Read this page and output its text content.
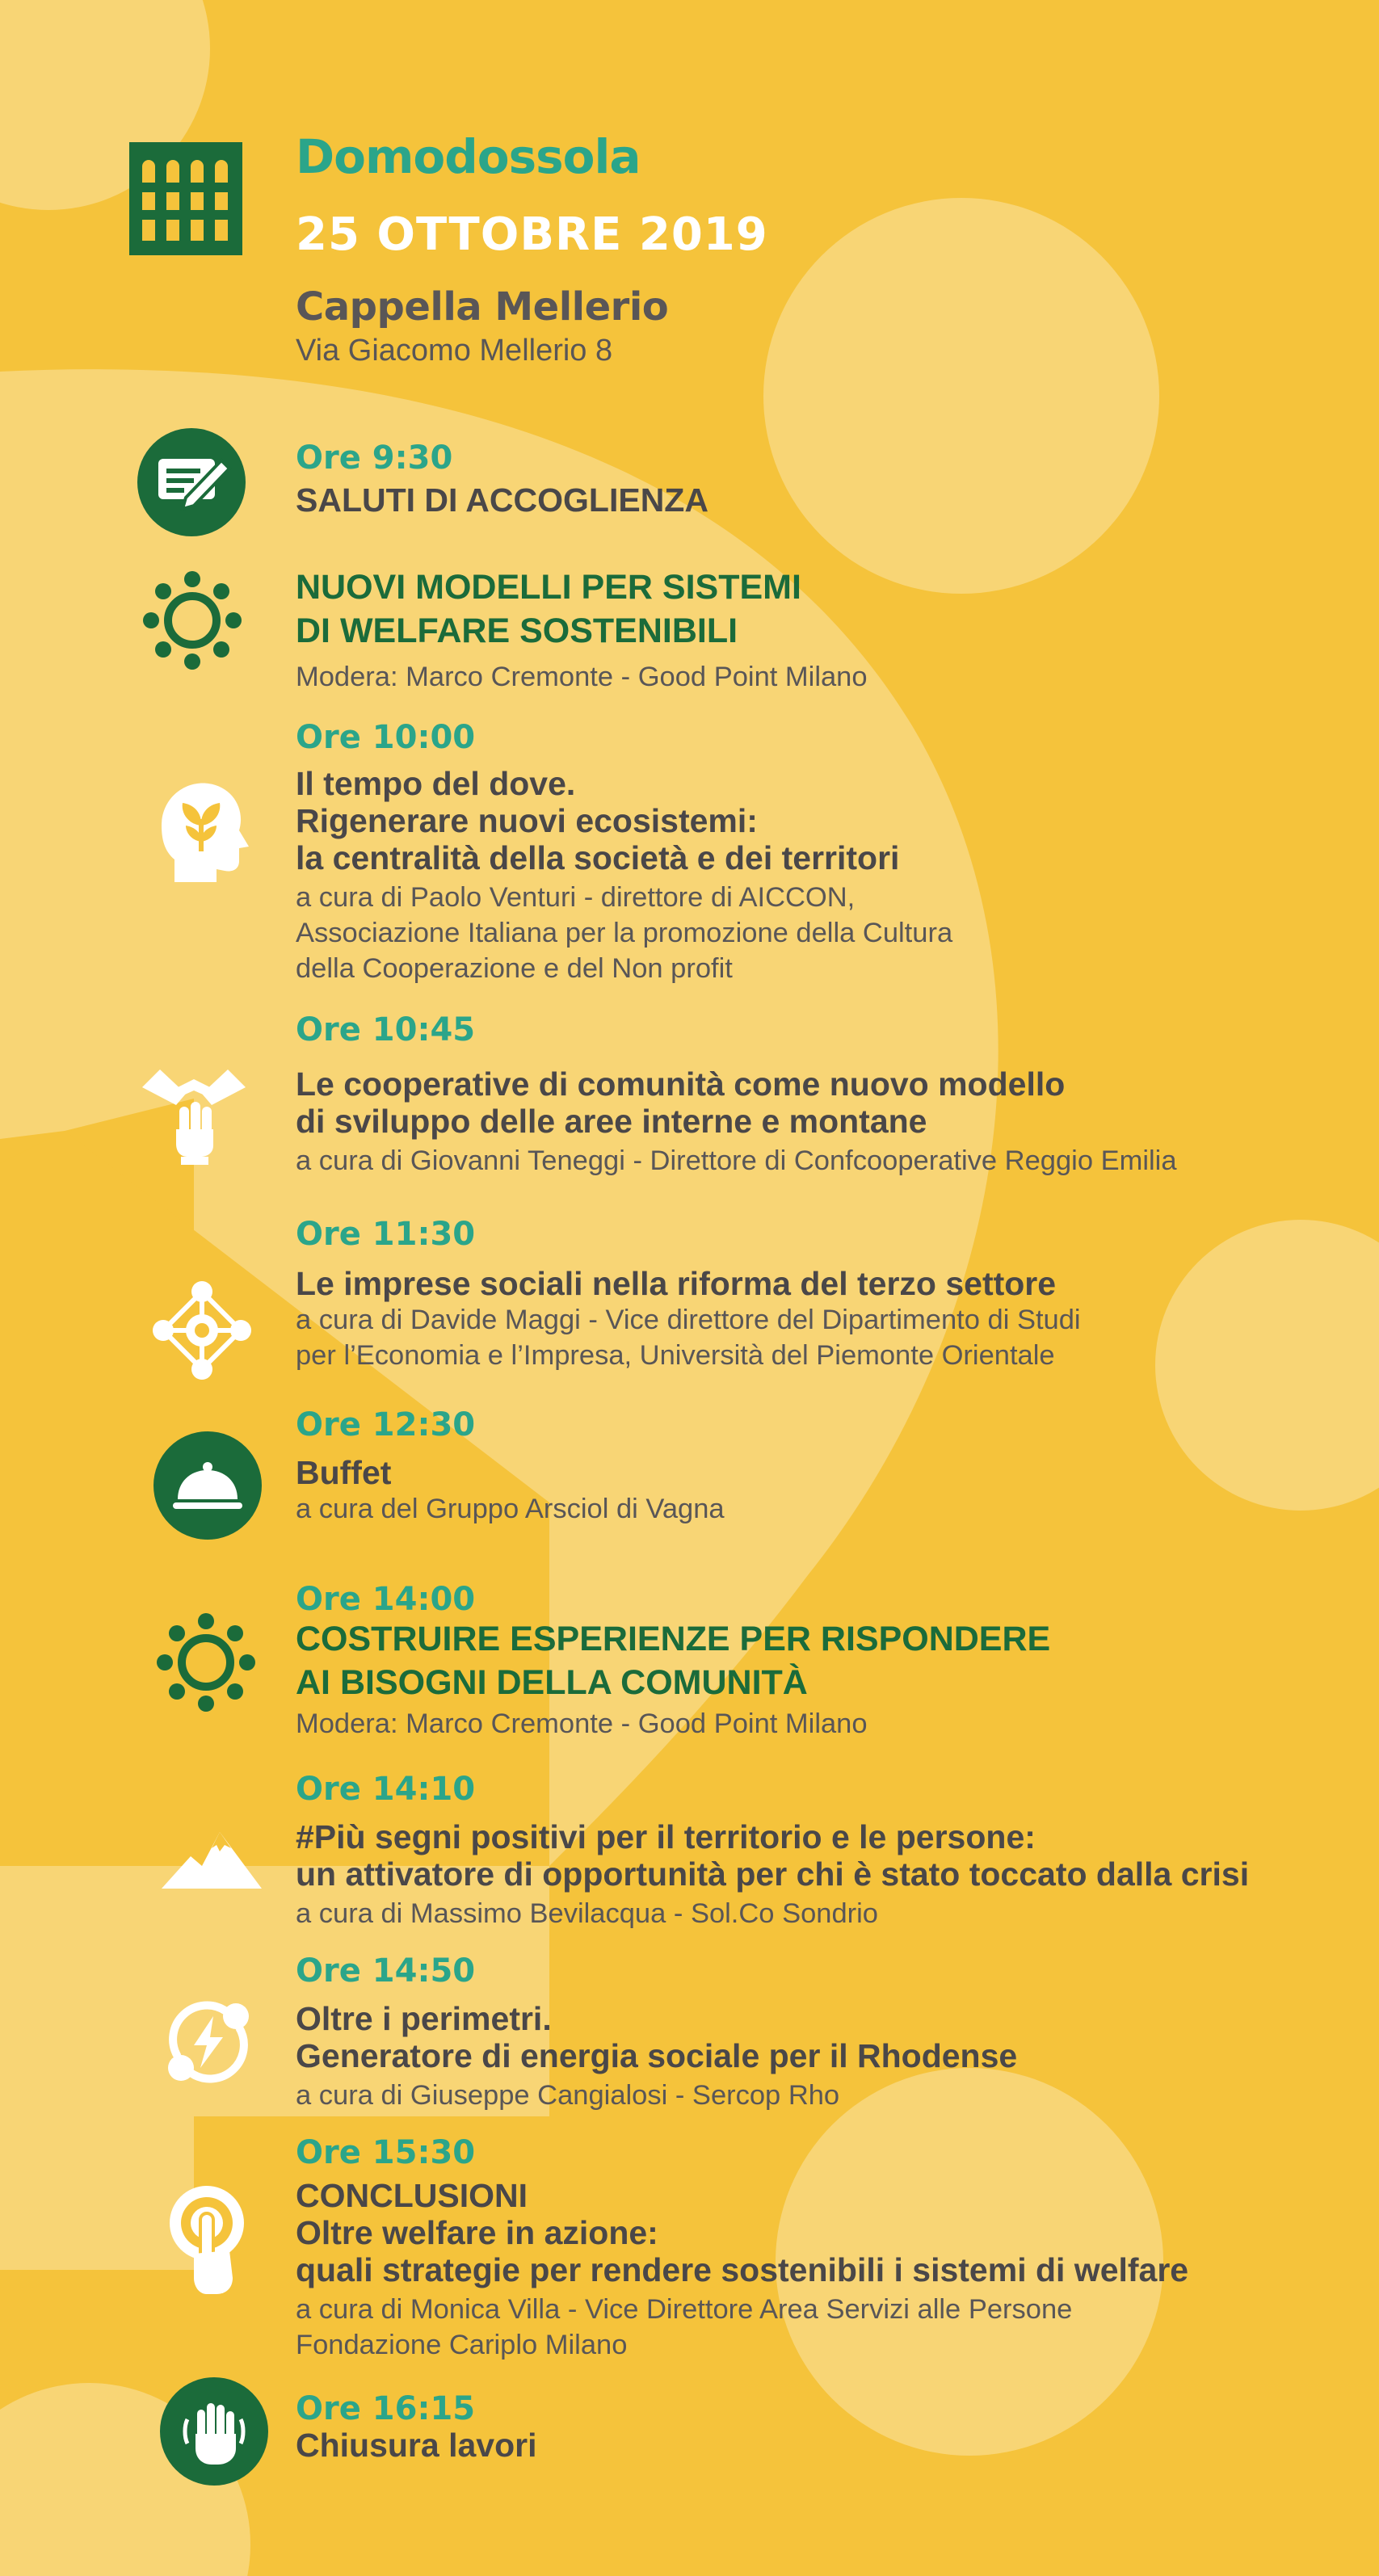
Domodossola
25 OTTOBRE 2019
Cappella Mellerio
Via Giacomo Mellerio 8
Ore 9:30
SALUTI DI ACCOGLIENZA
NUOVI MODELLI PER SISTEMI
DI WELFARE SOSTENIBILI
Modera: Marco Cremonte - Good Point Milano
Ore 10:00
Il tempo del dove.
Rigenerare nuovi ecosistemi:
la centralità della società e dei territori
a cura di Paolo Venturi - direttore di AICCON,
Associazione Italiana per la promozione della Cultura
della Cooperazione e del Non profit
Ore 10:45
Le cooperative di comunità come nuovo modello
di sviluppo delle aree interne e montane
a cura di Giovanni Teneggi - Direttore di Confcooperative Reggio Emilia
Ore 11:30
Le imprese sociali nella riforma del terzo settore
a cura di Davide Maggi - Vice direttore del Dipartimento di Studi
per l’Economia e l’Impresa, Università del Piemonte Orientale
Ore 12:30
Buffet
a cura del Gruppo Arsciol di Vagna
Ore 14:00
COSTRUIRE ESPERIENZE PER RISPONDERE
AI BISOGNI DELLA COMUNITÀ
Modera: Marco Cremonte - Good Point Milano
Ore 14:10
#Più segni positivi per il territorio e le persone:
un attivatore di opportunità per chi è stato toccato dalla crisi
a cura di Massimo Bevilacqua - Sol.Co Sondrio
Ore 14:50
Oltre i perimetri.
Generatore di energia sociale per il Rhodense
a cura di Giuseppe Cangialosi - Sercop Rho
Ore 15:30
CONCLUSIONI
Oltre welfare in azione:
quali strategie per rendere sostenibili i sistemi di welfare
a cura di Monica Villa - Vice Direttore Area Servizi alle Persone
Fondazione Cariplo Milano
Ore 16:15
Chiusura lavori
